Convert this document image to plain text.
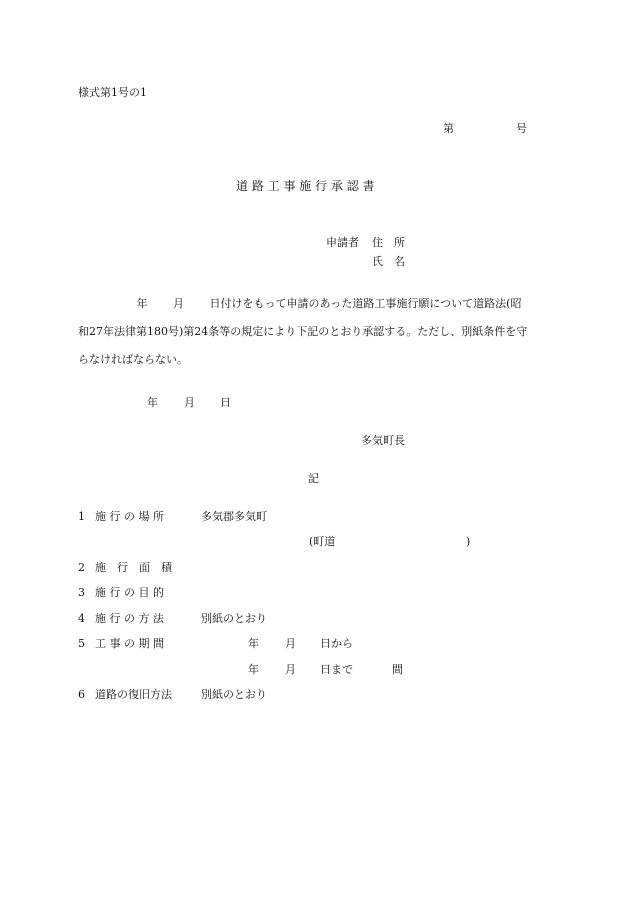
様式第1号の1
第	号
道 路 工 事 施 行 承 認 書
申請者 住　所
氏　名
　　　　　 年　　 月　　 日付けをもって申請のあった道路工事施行願について道路法(昭
和27年法律第180号)第24条等の規定により下記のとおり承認する。ただし、別紙条件を守
らなければならない。
年 月 日
多気町長
記
1 施 行 の 場 所	多気郡多気町
(町道	)
2 施　行　面　積
3 施 行 の 目 的
4 施 行 の 方 法	別紙のとおり
5 工 事 の 期 間	年 月 日から
年 月 日まで	間
6 道路の復旧方法	別紙のとおり
